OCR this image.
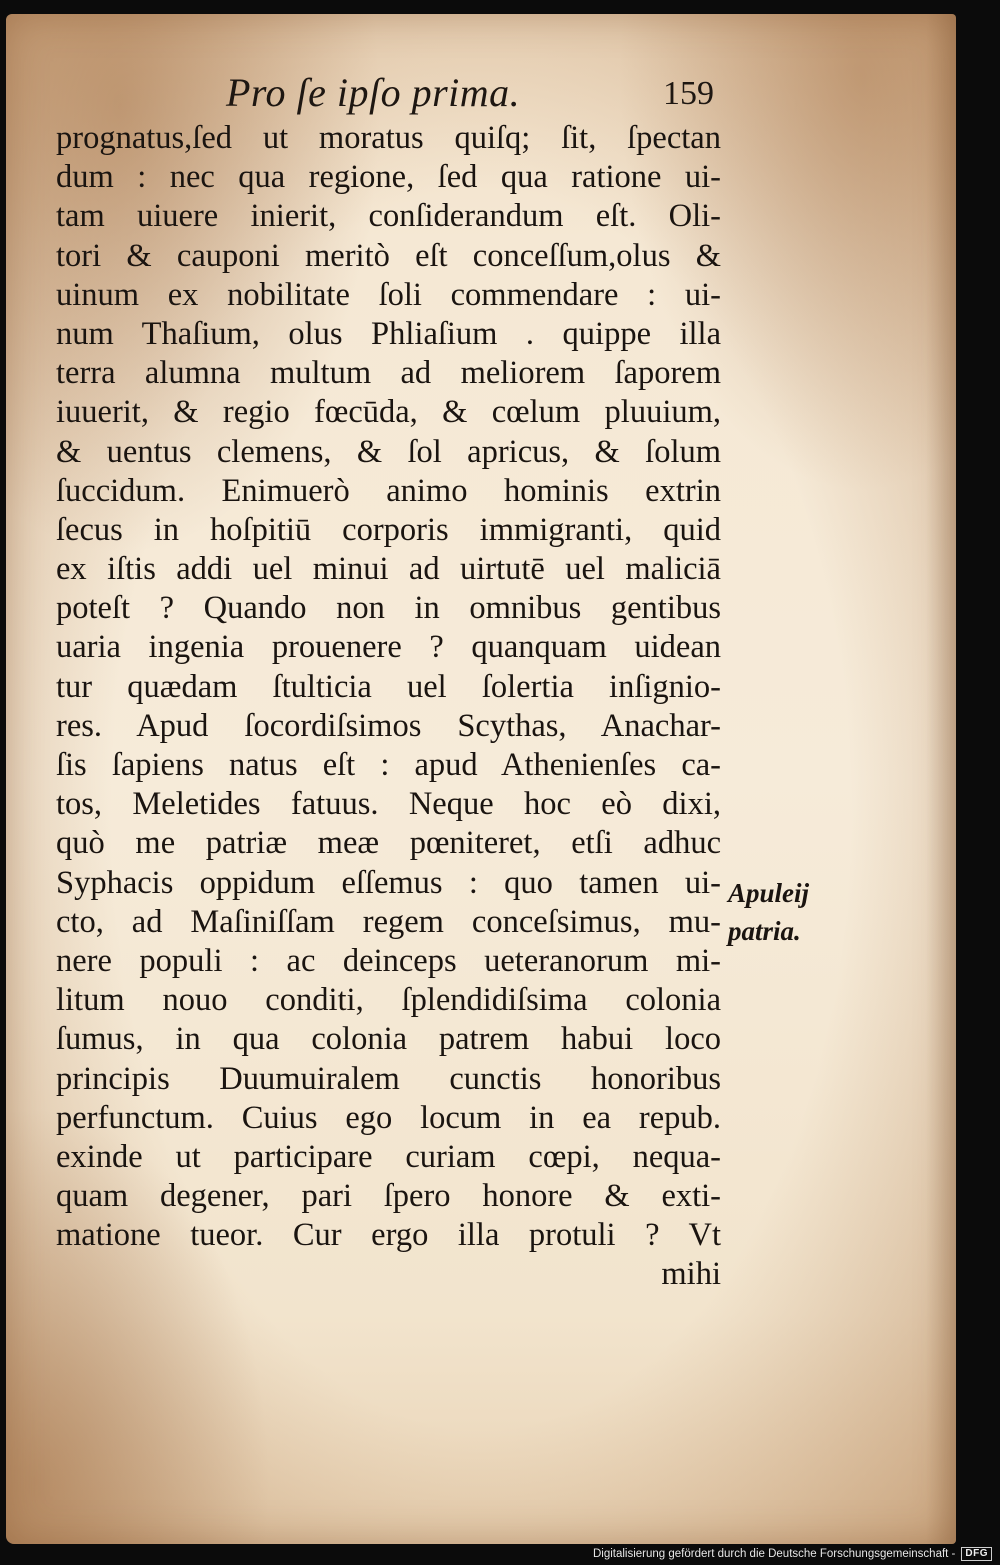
Pro ſe ipſo prima.	159
prognatus,ſed ut moratus quiſq; ſit, ſpectan
dum : nec qua regione, ſed qua ratione ui-
tam uiuere inierit, conſiderandum eſt. Oli-
tori & cauponi meritò eſt conceſſum,olus &
uinum ex nobilitate ſoli commendare : ui-
num Thaſium, olus Phliaſium . quippe illa
terra alumna multum ad meliorem ſaporem
iuuerit, & regio fœcūda, & cœlum pluuium,
& uentus clemens, & ſol apricus, & ſolum
ſuccidum. Enimuerò animo hominis extrin
ſecus in hoſpitiū corporis immigranti, quid
ex iſtis addi uel minui ad uirtutē uel maliciā
poteſt ? Quando non in omnibus gentibus
uaria ingenia prouenere ? quanquam uidean
tur quædam ſtulticia uel ſolertia inſignio-
res. Apud ſocordiſsimos Scythas, Anachar-
ſis ſapiens natus eſt : apud Athenienſes ca-
tos, Meletides fatuus. Neque hoc eò dixi,
quò me patriæ meæ pœniteret, etſi adhuc
Syphacis oppidum eſſemus : quo tamen ui-
cto, ad Maſiniſſam regem conceſsimus, mu-
nere populi : ac deinceps ueteranorum mi-
litum nouo conditi, ſplendidiſsima colonia
ſumus, in qua colonia patrem habui loco
principis Duumuiralem cunctis honoribus
perfunctum. Cuius ego locum in ea repub.
exinde ut participare curiam cœpi, nequa-
quam degener, pari ſpero honore & exti-
matione tueor. Cur ergo illa protuli ? Vt
mihi
Apuleij
patria.
Digitalisierung gefördert durch die Deutsche Forschungsgemeinschaft -	DFG
